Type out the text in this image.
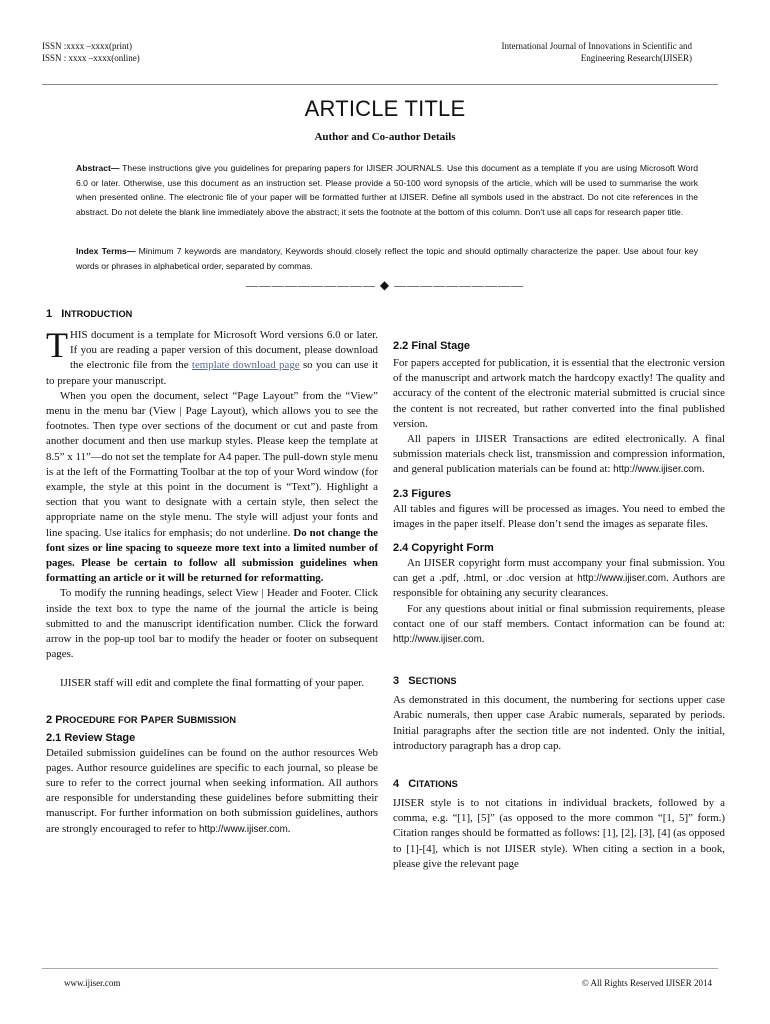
ISSN :xxxx –xxxx(print)
ISSN : xxxx –xxxx(online)
International Journal of Innovations in Scientific and
Engineering Research(IJISER)
ARTICLE TITLE
Author and Co-author Details
Abstract— These instructions give you guidelines for preparing papers for IJISER JOURNALS. Use this document as a template if you are using Microsoft Word 6.0 or later. Otherwise, use this document as an instruction set. Please provide a 50-100 word synopsis of the article, which will be used to summarise the work when presented online. The electronic file of your paper will be formatted further at IJISER. Define all symbols used in the abstract. Do not cite references in the abstract. Do not delete the blank line immediately above the abstract; it sets the footnote at the bottom of this column. Don’t use all caps for research paper title.
Index Terms— Minimum 7 keywords are mandatory, Keywords should closely reflect the topic and should optimally characterize the paper. Use about four key words or phrases in alphabetical order, separated by commas.
—————————— ◆ ——————————
1 INTRODUCTION

THIS document is a template for Microsoft Word versions 6.0 or later. If you are reading a paper version of this document, please download the electronic file from the template download page so you can use it to prepare your manuscript.

When you open the document, select “Page Layout” from the “View” menu in the menu bar (View | Page Layout), which allows you to see the footnotes. Then type over sections of the document or cut and paste from another document and then use markup styles. Please keep the template at 8.5” x 11”—do not set the template for A4 paper. The pull-down style menu is at the left of the Formatting Toolbar at the top of your Word window (for example, the style at this point in the document is “Text”). Highlight a section that you want to designate with a certain style, then select the appropriate name on the style menu. The style will adjust your fonts and line spacing. Use italics for emphasis; do not underline. Do not change the font sizes or line spacing to squeeze more text into a limited number of pages. Please be certain to follow all submission guidelines when formatting an article or it will be returned for reformatting.

To modify the running headings, select View | Header and Footer. Click inside the text box to type the name of the journal the article is being submitted to and the manuscript identification number. Click the forward arrow in the pop-up tool bar to modify the header or footer on subsequent pages.

IJISER staff will edit and complete the final formatting of your paper.

2 PROCEDURE FOR PAPER SUBMISSION
2.1 Review Stage

Detailed submission guidelines can be found on the author resources Web pages. Author resource guidelines are specific to each journal, so please be sure to refer to the correct journal when seeking information. All authors are responsible for understanding these guidelines before submitting their manuscript. For further information on both submission guidelines, authors are strongly encouraged to refer to http://www.ijiser.com.

2.2 Final Stage

For papers accepted for publication, it is essential that the electronic version of the manuscript and artwork match the hardcopy exactly! The quality and accuracy of the content of the electronic material submitted is crucial since the content is not recreated, but rather converted into the final published version.

All papers in IJISER Transactions are edited electronically. A final submission materials check list, transmission and compression information, and general publication materials can be found at: http://www.ijiser.com.

2.3 Figures

All tables and figures will be processed as images. You need to embed the images in the paper itself. Please don’t send the images as separate files.

2.4 Copyright Form

An IJISER copyright form must accompany your final submission. You can get a .pdf, .html, or .doc version at http://www.ijiser.com. Authors are responsible for obtaining any security clearances.

For any questions about initial or final submission requirements, please contact one of our staff members. Contact information can be found at: http://www.ijiser.com.

3 SECTIONS

As demonstrated in this document, the numbering for sections upper case Arabic numerals, then upper case Arabic numerals, separated by periods. Initial paragraphs after the section title are not indented. Only the initial, introductory paragraph has a drop cap.

4 CITATIONS

IJISER style is to not citations in individual brackets, followed by a comma, e.g. “[1], [5]” (as opposed to the more common “[1, 5]” form.) Citation ranges should be formatted as follows: [1], [2], [3], [4] (as opposed to [1]-[4], which is not IJISER style). When citing a section in a book, please give the relevant page

www.ijiser.com	© All Rights Reserved IJISER 2014
